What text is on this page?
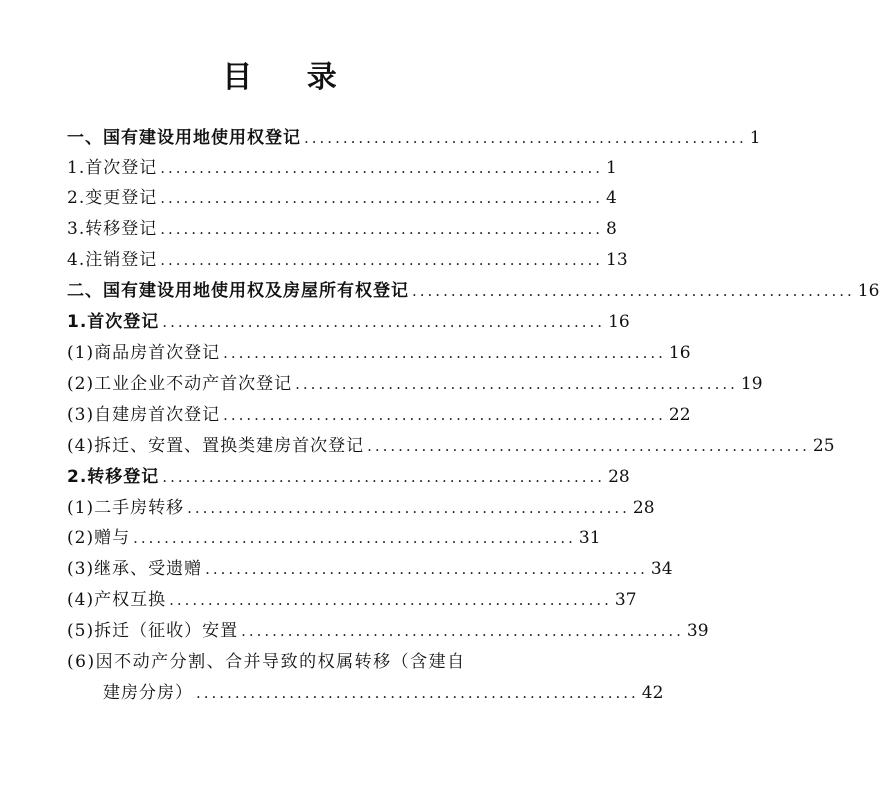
目 录
一、国有建设用地使用权登记 ......................................................... 1
1.首次登记 ......................................................... 1
2.变更登记 ......................................................... 4
3.转移登记 ......................................................... 8
4.注销登记 ......................................................... 13
二、国有建设用地使用权及房屋所有权登记 ......................................................... 16
1.首次登记 ......................................................... 16
(1)商品房首次登记 ......................................................... 16
(2)工业企业不动产首次登记 ......................................................... 19
(3)自建房首次登记 ......................................................... 22
(4)拆迁、安置、置换类建房首次登记 ......................................................... 25
2.转移登记 ......................................................... 28
(1)二手房转移 ......................................................... 28
(2)赠与 ......................................................... 31
(3)继承、受遗赠 ......................................................... 34
(4)产权互换 ......................................................... 37
(5)拆迁（征收）安置 ......................................................... 39
(6)因不动产分割、合并导致的权属转移（含建自
建房分房） ......................................................... 42
